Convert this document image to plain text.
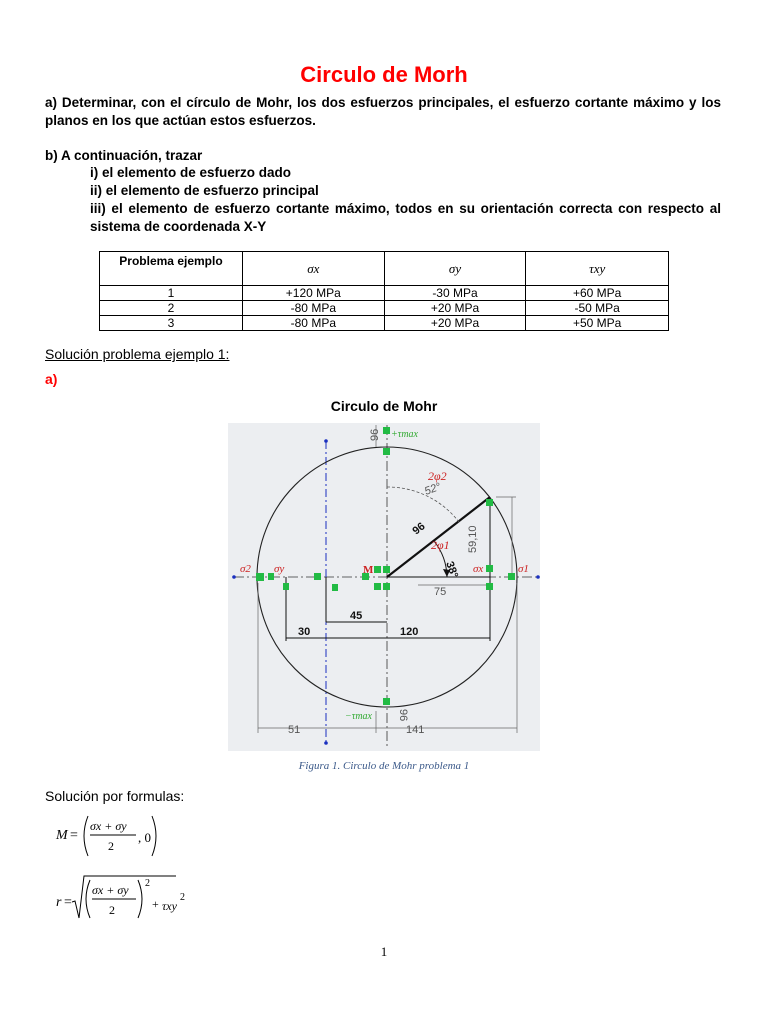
Circulo de Morh
a) Determinar, con el círculo de Mohr, los dos esfuerzos principales, el esfuerzo cortante máximo y los planos en los que actúan estos esfuerzos.
b) A continuación, trazar
i) el elemento de esfuerzo dado
ii) el elemento de esfuerzo principal
iii) el elemento de esfuerzo cortante máximo, todos en su orientación correcta con respecto al sistema de coordenada X-Y
Problema ejemplo	σx	σy	τxy
1	+120 MPa	-30 MPa	+60 MPa
2	-80 MPa	+20 MPa	-50 MPa
3	-80 MPa	+20 MPa	+50 MPa
Solución problema ejemplo 1:
a)
Circulo de Mohr
σ2 σy	M	σx	σ1
2φ2
2φ1
+τmax
−τmax
52°
38°
96
96
96
45
30	120
75
59,10
51	141
Figura 1. Circulo de Mohr problema 1
Solución por formulas:
M =
σx + σy
2
, 0
r =
σx + σy
2
2
+ τxy
2
1
